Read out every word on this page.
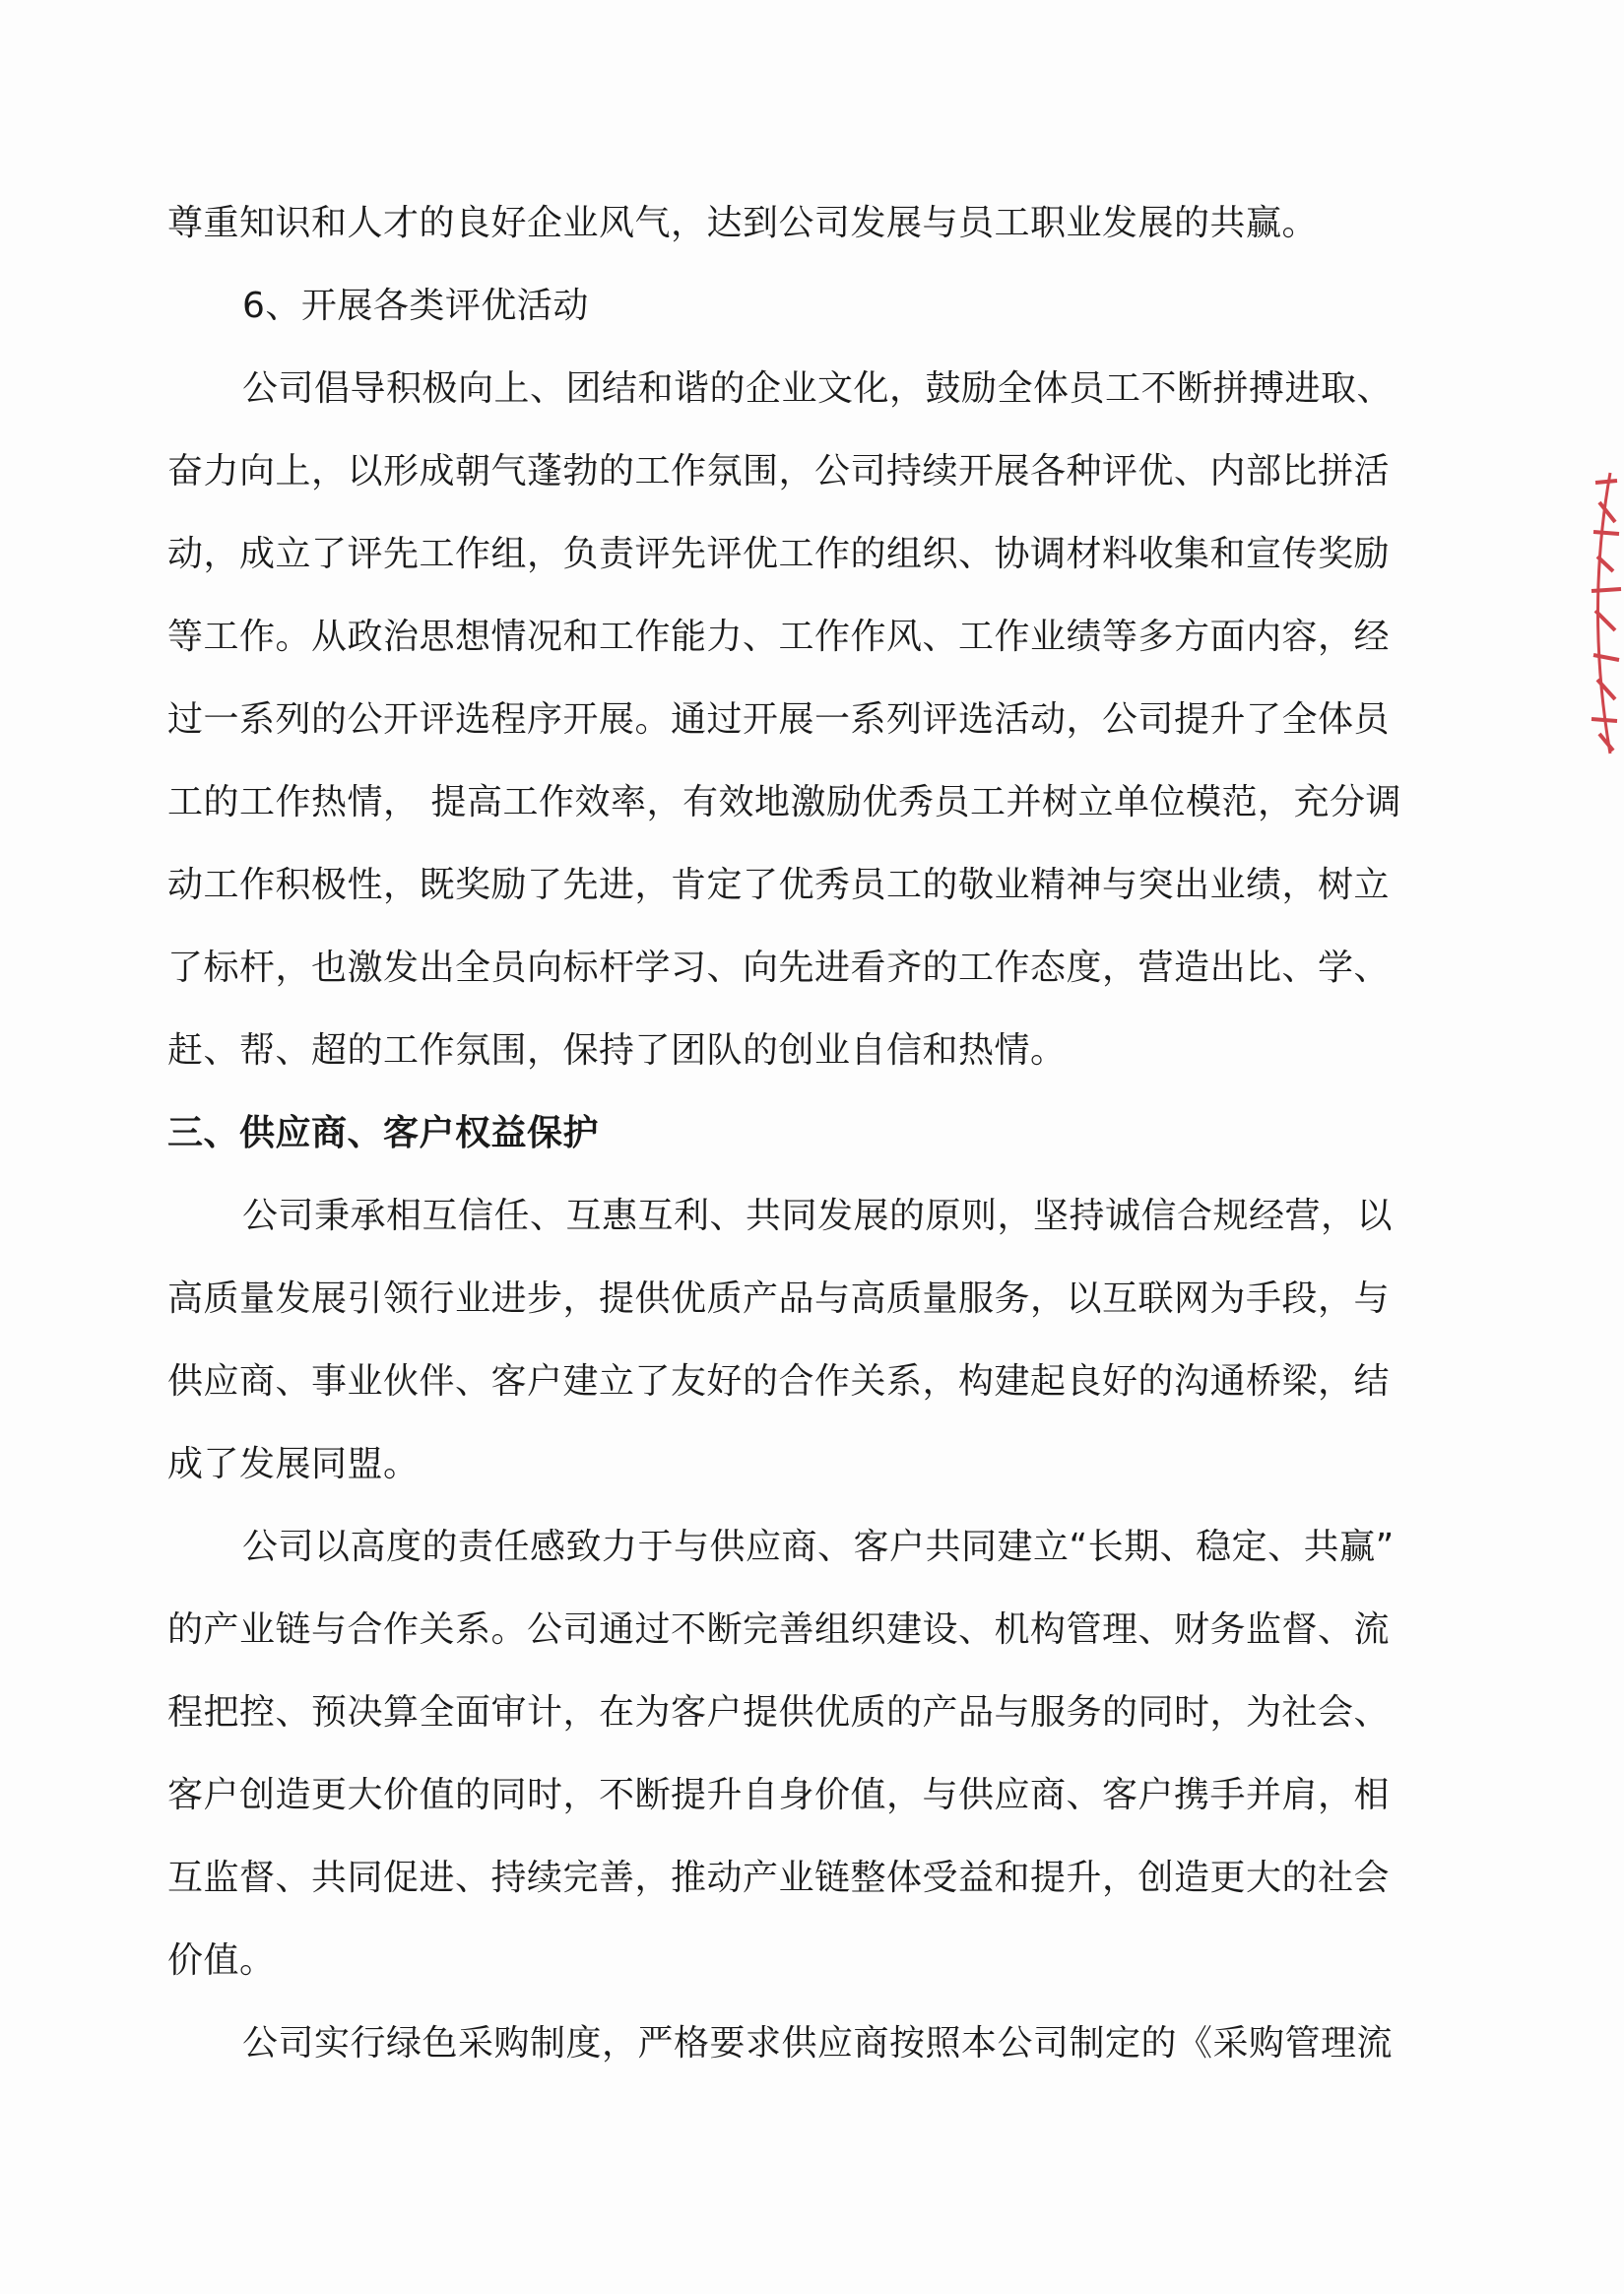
尊重知识和人才的良好企业风气，达到公司发展与员工职业发展的共赢。
6、开展各类评优活动
公司倡导积极向上、团结和谐的企业文化，鼓励全体员工不断拼搏进取、
奋力向上，以形成朝气蓬勃的工作氛围，公司持续开展各种评优、内部比拼活
动，成立了评先工作组，负责评先评优工作的组织、协调材料收集和宣传奖励
等工作。从政治思想情况和工作能力、工作作风、工作业绩等多方面内容，经
过一系列的公开评选程序开展。通过开展一系列评选活动，公司提升了全体员
工的工作热情， 提高工作效率，有效地激励优秀员工并树立单位模范，充分调
动工作积极性，既奖励了先进，肯定了优秀员工的敬业精神与突出业绩，树立
了标杆，也激发出全员向标杆学习、向先进看齐的工作态度，营造出比、学、
赶、帮、超的工作氛围，保持了团队的创业自信和热情。
三、供应商、客户权益保护
公司秉承相互信任、互惠互利、共同发展的原则，坚持诚信合规经营，以
高质量发展引领行业进步，提供优质产品与高质量服务，以互联网为手段，与
供应商、事业伙伴、客户建立了友好的合作关系，构建起良好的沟通桥梁，结
成了发展同盟。
公司以高度的责任感致力于与供应商、客户共同建立“长期、稳定、共赢”
的产业链与合作关系。公司通过不断完善组织建设、机构管理、财务监督、流
程把控、预决算全面审计，在为客户提供优质的产品与服务的同时，为社会、
客户创造更大价值的同时，不断提升自身价值，与供应商、客户携手并肩，相
互监督、共同促进、持续完善，推动产业链整体受益和提升，创造更大的社会
价值。
公司实行绿色采购制度，严格要求供应商按照本公司制定的《采购管理流
